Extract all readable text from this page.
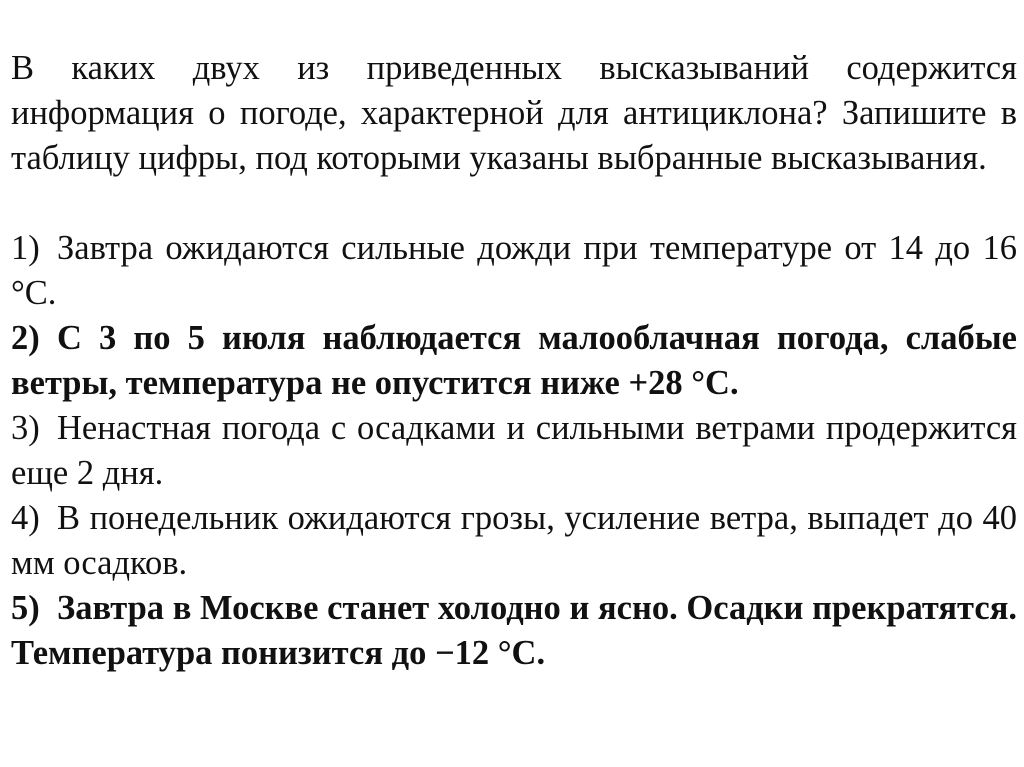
В каких двух из приведенных высказываний содержится информация о погоде, характерной для антициклона? Запишите в таблицу цифры, под которыми указаны выбранные высказывания.

1) Завтра ожидаются сильные дожди при температуре от 14 до 16 °С.
2) С 3 по 5 июля наблюдается малооблачная погода, слабые ветры, температура не опустится ниже +28 °С.
3) Ненастная погода с осадками и сильными ветрами продержится еще 2 дня.
4) В понедельник ожидаются грозы, усиление ветра, выпадет до 40 мм осадков.
5) Завтра в Москве станет холодно и ясно. Осадки прекратятся. Температура понизится до −12 °С.
